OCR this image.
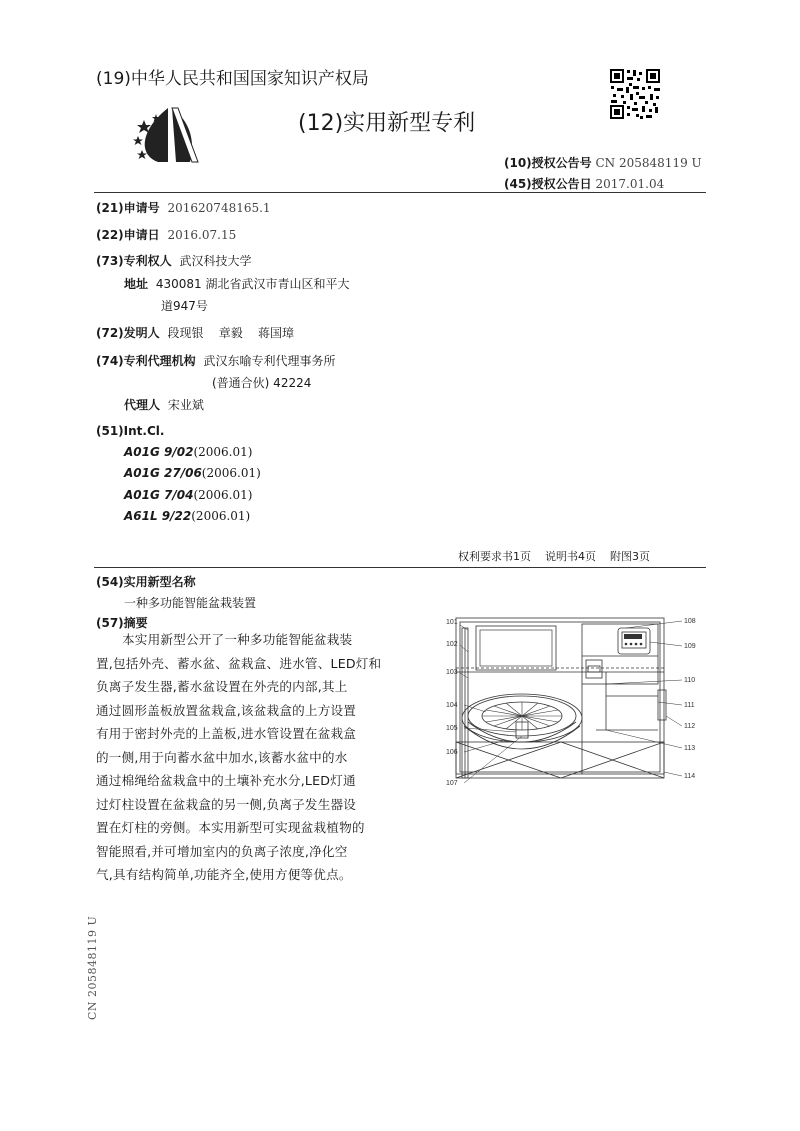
(19)中华人民共和国国家知识产权局
(12)实用新型专利
(10)授权公告号 CN 205848119 U
(45)授权公告日 2017.01.04
(21)申请号 201620748165.1
(22)申请日 2016.07.15
(73)专利权人 武汉科技大学
地址 430081 湖北省武汉市青山区和平大
道947号
(72)发明人 段现银    章毅    蒋国璋
(74)专利代理机构 武汉东喻专利代理事务所
(普通合伙) 42224
代理人 宋业斌
(51)Int.Cl.
A01G 9/02(2006.01)
A01G 27/06(2006.01)
A01G 7/04(2006.01)
A61L 9/22(2006.01)
权利要求书1页    说明书4页    附图3页
(54)实用新型名称
一种多功能智能盆栽装置
(57)摘要
本实用新型公开了一种多功能智能盆栽装
置,包括外壳、蓄水盆、盆栽盒、进水管、LED灯和
负离子发生器,蓄水盆设置在外壳的内部,其上
通过圆形盖板放置盆栽盒,该盆栽盒的上方设置
有用于密封外壳的上盖板,进水管设置在盆栽盒
的一侧,用于向蓄水盆中加水,该蓄水盆中的水
通过棉绳给盆栽盒中的土壤补充水分,LED灯通
过灯柱设置在盆栽盒的另一侧,负离子发生器设
置在灯柱的旁侧。本实用新型可实现盆栽植物的
智能照看,并可增加室内的负离子浓度,净化空
气,具有结构简单,功能齐全,使用方便等优点。
101
102
103
104
105
106
107
108
109
110
111
112
113
114
CN 205848119 U
